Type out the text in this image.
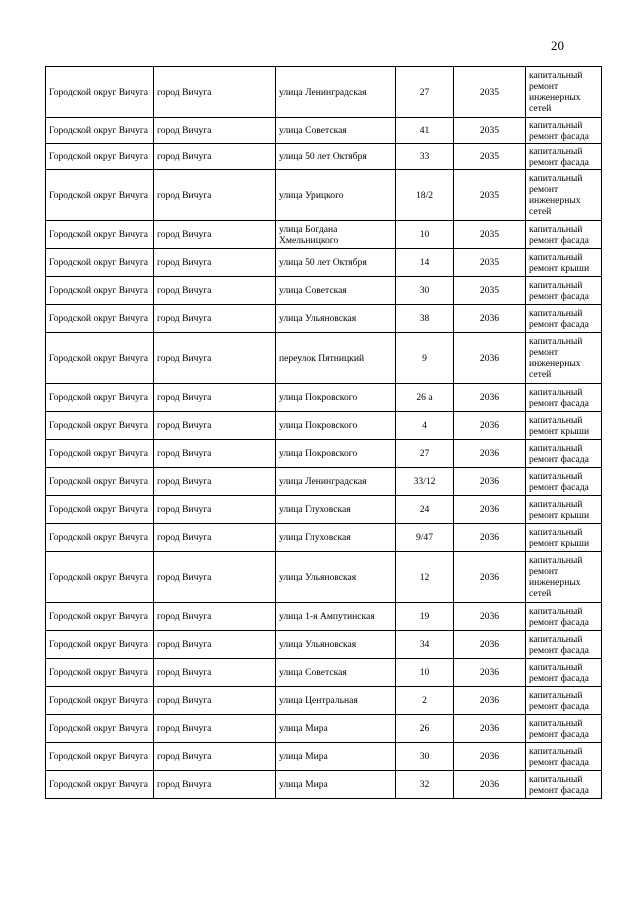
20
Городской округ Вичуга	город Вичуга	улица Ленинградская	27	2035	капитальный ремонт инженерных сетей
Городской округ Вичуга	город Вичуга	улица Советская	41	2035	капитальный ремонт фасада
Городской округ Вичуга	город Вичуга	улица 50 лет Октября	33	2035	капитальный ремонт фасада
Городской округ Вичуга	город Вичуга	улица Урицкого	18/2	2035	капитальный ремонт инженерных сетей
Городской округ Вичуга	город Вичуга	улица Богдана Хмельницкого	10	2035	капитальный ремонт фасада
Городской округ Вичуга	город Вичуга	улица 50 лет Октября	14	2035	капитальный ремонт крыши
Городской округ Вичуга	город Вичуга	улица Советская	30	2035	капитальный ремонт фасада
Городской округ Вичуга	город Вичуга	улица Ульяновская	38	2036	капитальный ремонт фасада
Городской округ Вичуга	город Вичуга	переулок Пятницкий	9	2036	капитальный ремонт инженерных сетей
Городской округ Вичуга	город Вичуга	улица Покровского	26 а	2036	капитальный ремонт фасада
Городской округ Вичуга	город Вичуга	улица Покровского	4	2036	капитальный ремонт крыши
Городской округ Вичуга	город Вичуга	улица Покровского	27	2036	капитальный ремонт фасада
Городской округ Вичуга	город Вичуга	улица Ленинградская	33/12	2036	капитальный ремонт фасада
Городской округ Вичуга	город Вичуга	улица Глуховская	24	2036	капитальный ремонт крыши
Городской округ Вичуга	город Вичуга	улица Глуховская	9/47	2036	капитальный ремонт крыши
Городской округ Вичуга	город Вичуга	улица Ульяновская	12	2036	капитальный ремонт инженерных сетей
Городской округ Вичуга	город Вичуга	улица 1-я Ампутинская	19	2036	капитальный ремонт фасада
Городской округ Вичуга	город Вичуга	улица Ульяновская	34	2036	капитальный ремонт фасада
Городской округ Вичуга	город Вичуга	улица Советская	10	2036	капитальный ремонт фасада
Городской округ Вичуга	город Вичуга	улица Центральная	2	2036	капитальный ремонт фасада
Городской округ Вичуга	город Вичуга	улица Мира	26	2036	капитальный ремонт фасада
Городской округ Вичуга	город Вичуга	улица Мира	30	2036	капитальный ремонт фасада
Городской округ Вичуга	город Вичуга	улица Мира	32	2036	капитальный ремонт фасада
